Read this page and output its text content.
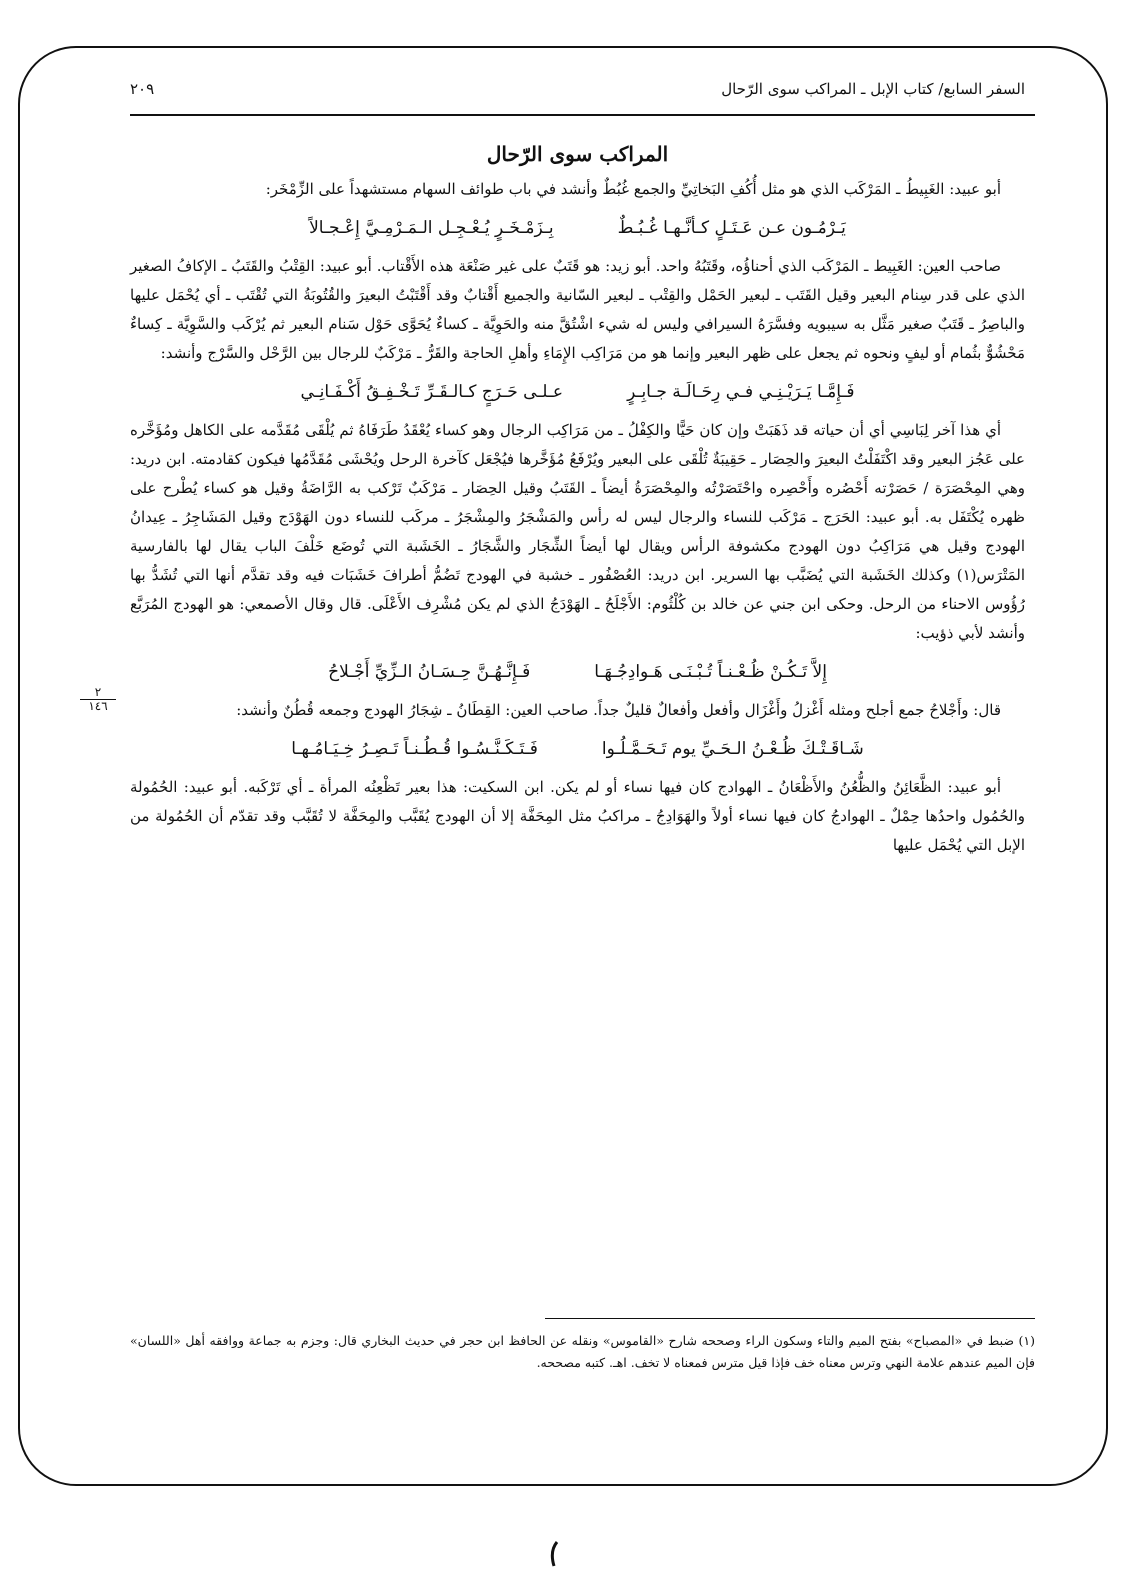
السفر السابع/ كتاب الإبل ـ المراكب سوى الرّحال
٢٠٩
المراكب سوى الرّحال

أبو عبيد: الغَبِيطُ ـ المَرْكَب الذي هو مثل أُكُفِ البَخاتِيِّ والجمع غُبُطٌ وأنشد في باب طوائف السهام مستشهداً على الزِّمْخَر:

يَـرْمُـون عـن عَـتَـلٍ كـأنَّـهـا غُـبُـطٌ
بِـزَمْـخَـرٍ يُـعْـجِـل الـمَـرْمِـيَّ إِعْـجـالاً

صاحب العين: الغَبِيط ـ المَرْكَب الذي أحناؤُه، وقَتَبُهُ واحد. أبو زيد: هو قَتَبٌ على غير صَنْعَة هذه الأَقْتاب. أبو عبيد: القِتْبُ والقَتَبُ ـ الإكافُ الصغير الذي على قدر سِنام البعير وقيل القَتَب ـ لبعير الحَمْل والقِتْب ـ لبعير السّانية والجميع أَقْتابٌ وقد أَقْتَبْتُ البعيرَ والقُتُوبَةُ التي تُقْتَب ـ أي يُحْمَل عليها والباصِرُ ـ قَتَبٌ صغير مَثَّل به سيبويه وفسَّرَهُ السيرافي وليس له شيء اشْتُقَّ منه والحَوِيَّة ـ كساءٌ يُحَوَّى حَوْل سَنام البعير ثم يُرْكَب والسَّوِيَّة ـ كِساءٌ مَحْشُوٌّ بثُمام أو ليفٍ ونحوه ثم يجعل على ظهر البعير وإنما هو من مَرَاكِب الإِمَاءِ وأهلِ الحاجة والقَرُّ ـ مَرْكَبٌ للرجال بين الرَّحْل والسَّرْج وأنشد:

فَـإِمَّـا يَـرَيْـنِـي فـي رِحَـالَـة جـابِـرٍ
عـلـى حَـرَجٍ كـالـقَـرِّ تَـخْـفِـقُ أَكْـفَـانِـي

أي هذا آخر لِبَاسِي أي أن حياته قد ذَهَبَتْ وإن كان حَيًّا والكِفْلُ ـ من مَرَاكِب الرجال وهو كساء يُعْقَدُ طَرَفَاهُ ثم يُلْقَى مُقَدَّمه على الكاهل ومُؤَخَّره على عَجُز البعير وقد اكْتَفَلْتُ البعيرَ والحِصَار ـ حَقِيبَةٌ تُلْقَى على البعير ويُرْفَعُ مُؤَخَّرها فيُجْعَل كآخرة الرحل ويُحْشَى مُقَدَّمُها فيكون كقادمته. ابن دريد: وهي المِحْصَرَة / حَصَرْته أَحْصُره وأَحْصِره واحْتَصَرْتُه والمِحْصَرَةُ أيضاً ـ القَتَبُ وقيل الحِصَار ـ مَرْكَبٌ تَرْكب به الرَّاضَةُ وقيل هو كساء يُطْرح على ظهره يُكْتَفَل به. أبو عبيد: الحَرَج ـ مَرْكَب للنساء والرجال ليس له رأس والمَشْجَرُ والمِشْجَرُ ـ مركَب للنساء دون الهَوْدَج وقيل المَشَاجِرُ ـ عِيدانُ الهودج وقيل هي مَرَاكِبُ دون الهودج مكشوفة الرأس ويقال لها أيضاً الشِّجَار والشَّجَارُ ـ الخَشَبة التي تُوضَع خَلْفَ الباب يقال لها بالفارسية المَتْرَس(١) وكذلك الخَشَبة التي يُضَبَّب بها السرير. ابن دريد: العُصْفُور ـ خشبة في الهودج تَضُمُّ أطرافَ خَشَبَات فيه وقد تقدَّم أنها التي تُشَدُّ بها رُؤُوس الاحناء من الرحل. وحكى ابن جني عن خالد بن كُلْثُوم: الأَجْلَحُ ـ الهَوْدَجُ الذي لم يكن مُشْرِف الأَعْلَى. قال وقال الأصمعي: هو الهودج المُرَبَّع وأنشد لأبي ذؤيب:

إِلاَّ تَـكُـنْ ظُـعْـنـاً تُـبْـنَـى هَـوادِجُـهَـا
فَـإِنَّـهُـنَّ حِـسَـانُ الـزِّيِّ أَجْـلاحُ

قال: وأَجْلاحُ جمع أجلح ومثله أَغْزلُ وأَغْزَال وأفعل وأفعالٌ قليلٌ جداً. صاحب العين: القِطَانُ ـ شِجَارُ الهودج وجمعه قُطُنٌ وأنشد:

شَـاقَـتْـكَ ظُـعْـنُ الـحَـيِّ يوم تَـحَـمَّـلُـوا
فَـتَـكَـنَّـسُـوا قُـطُـنـاً تَـصِـرُ خِـيَـامُـهـا

أبو عبيد: الظَّعَائِنُ والظُّعُنُ والأَظْعَانُ ـ الهوادج كان فيها نساء أو لم يكن. ابن السكيت: هذا بعير تَظْعِنُه المرأة ـ أي تَرْكَبه. أبو عبيد: الحُمُولة والحُمُول واحدُها حِمْلٌ ـ الهوادجُ كان فيها نساء أولاً والهَوَادِجُ ـ مراكبُ مثل المِحَفَّة إلا أن الهودج يُقَبَّب والمِحَفَّة لا تُقَبَّب وقد تقدّم أن الحُمُولة من الإبل التي يُحْمَل عليها

٢
١٤٦
(١) ضبط في «المصباح» بفتح الميم والتاء وسكون الراء وصححه شارح «القاموس» ونقله عن الحافظ ابن حجر في حديث البخاري قال: وجزم به جماعة ووافقه أهل «اللسان» فإن الميم عندهم علامة النهي وترس معناه خف فإذا قيل مترس فمعناه لا تخف. اهـ. كتبه مصححه.
